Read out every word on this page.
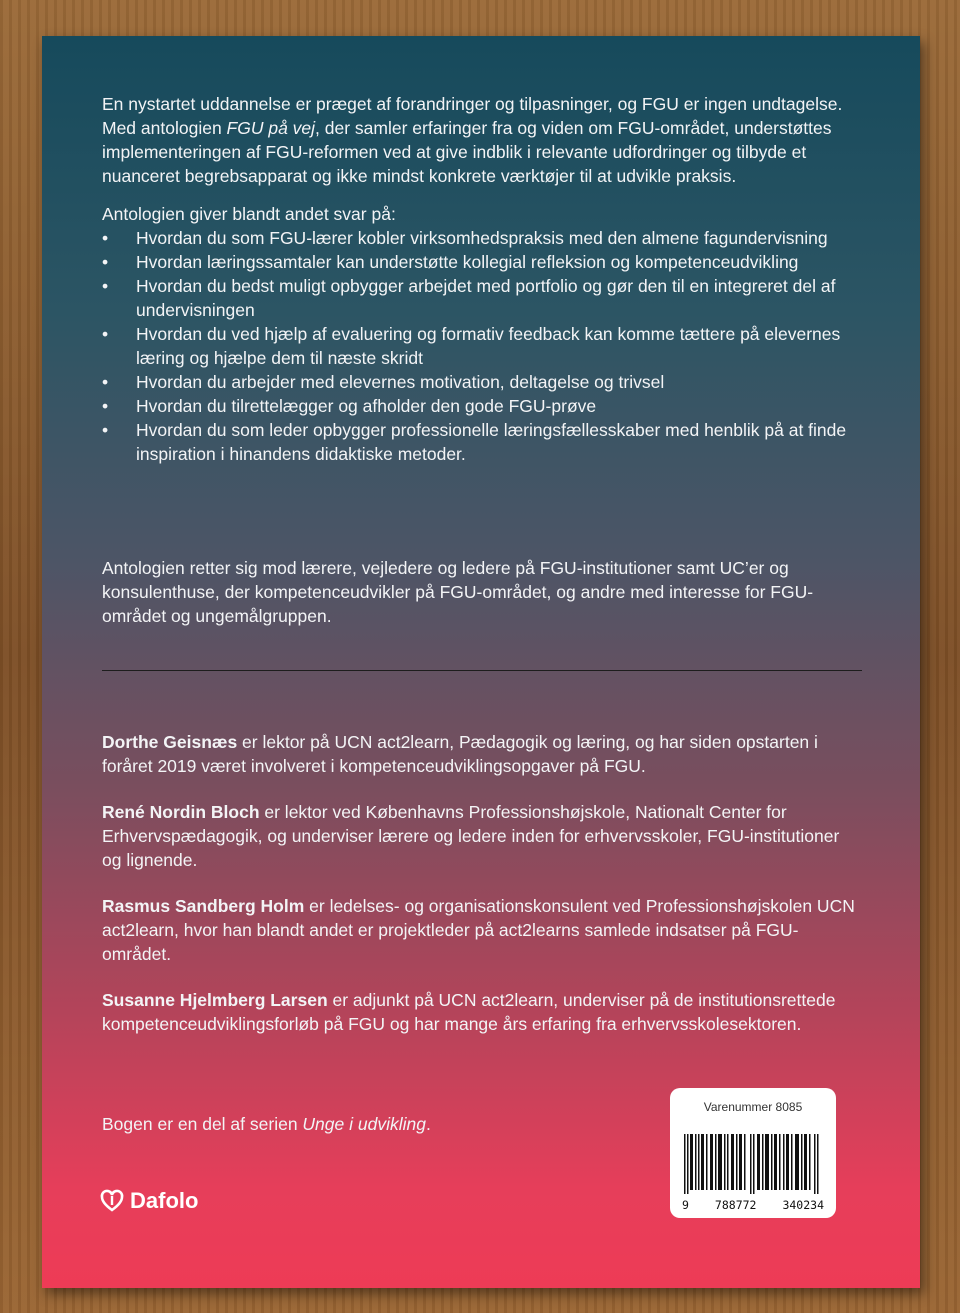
En nystartet uddannelse er præget af forandringer og tilpasninger, og FGU er ingen undtagelse. Med antologien FGU på vej, der samler erfaringer fra og viden om FGU-området, understøttes implementeringen af FGU-reformen ved at give indblik i relevante udfordringer og tilbyde et nuanceret begrebsapparat og ikke mindst konkrete værktøjer til at udvikle praksis.

Antologien giver blandt andet svar på:
• Hvordan du som FGU-lærer kobler virksomhedspraksis med den almene fagundervisning
• Hvordan læringssamtaler kan understøtte kollegial refleksion og kompetenceudvikling
• Hvordan du bedst muligt opbygger arbejdet med portfolio og gør den til en integreret del af undervisningen
• Hvordan du ved hjælp af evaluering og formativ feedback kan komme tættere på elevernes læring og hjælpe dem til næste skridt
• Hvordan du arbejder med elevernes motivation, deltagelse og trivsel
• Hvordan du tilrettelægger og afholder den gode FGU-prøve
• Hvordan du som leder opbygger professionelle læringsfællesskaber med henblik på at finde inspiration i hinandens didaktiske metoder.
Antologien retter sig mod lærere, vejledere og ledere på FGU-institutioner samt UC’er og konsulenthuse, der kompetenceudvikler på FGU-området, og andre med interesse for FGU-området og ungemålgruppen.

Dorthe Geisnæs er lektor på UCN act2learn, Pædagogik og læring, og har siden opstarten i foråret 2019 været involveret i kompetenceudviklingsopgaver på FGU.

René Nordin Bloch er lektor ved Københavns Professionshøjskole, Nationalt Center for Erhvervspædagogik, og underviser lærere og ledere inden for erhvervsskoler, FGU-institutioner og lignende.

Rasmus Sandberg Holm er ledelses- og organisationskonsulent ved Professionshøjskolen UCN act2learn, hvor han blandt andet er projektleder på act2learns samlede indsatser på FGU-området.

Susanne Hjelmberg Larsen er adjunkt på UCN act2learn, underviser på de institutionsrettede kompetenceudviklingsforløb på FGU og har mange års erfaring fra erhvervsskolesektoren.

Bogen er en del af serien Unge i udvikling.
Dafolo
Varenummer 8085
9 788772 340234
